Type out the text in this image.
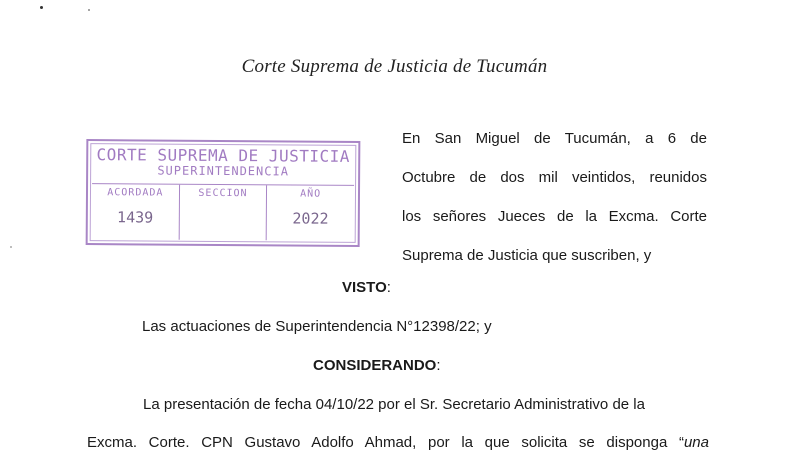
Corte Suprema de Justicia de Tucumán
CORTE SUPREMA DE JUSTICIA
SUPERINTENDENCIA
ACORDADA
1439
SECCION	AÑO
2022
En San Miguel de Tucumán, a 6 de
Octubre de dos mil veintidos, reunidos
los señores Jueces de la Excma. Corte
Suprema de Justicia que suscriben, y
VISTO:
Las actuaciones de Superintendencia N°12398/22; y
CONSIDERANDO:
La presentación de fecha 04/10/22 por el Sr. Secretario Administrativo de la
Excma. Corte. CPN Gustavo Adolfo Ahmad, por la que solicita se disponga “una
